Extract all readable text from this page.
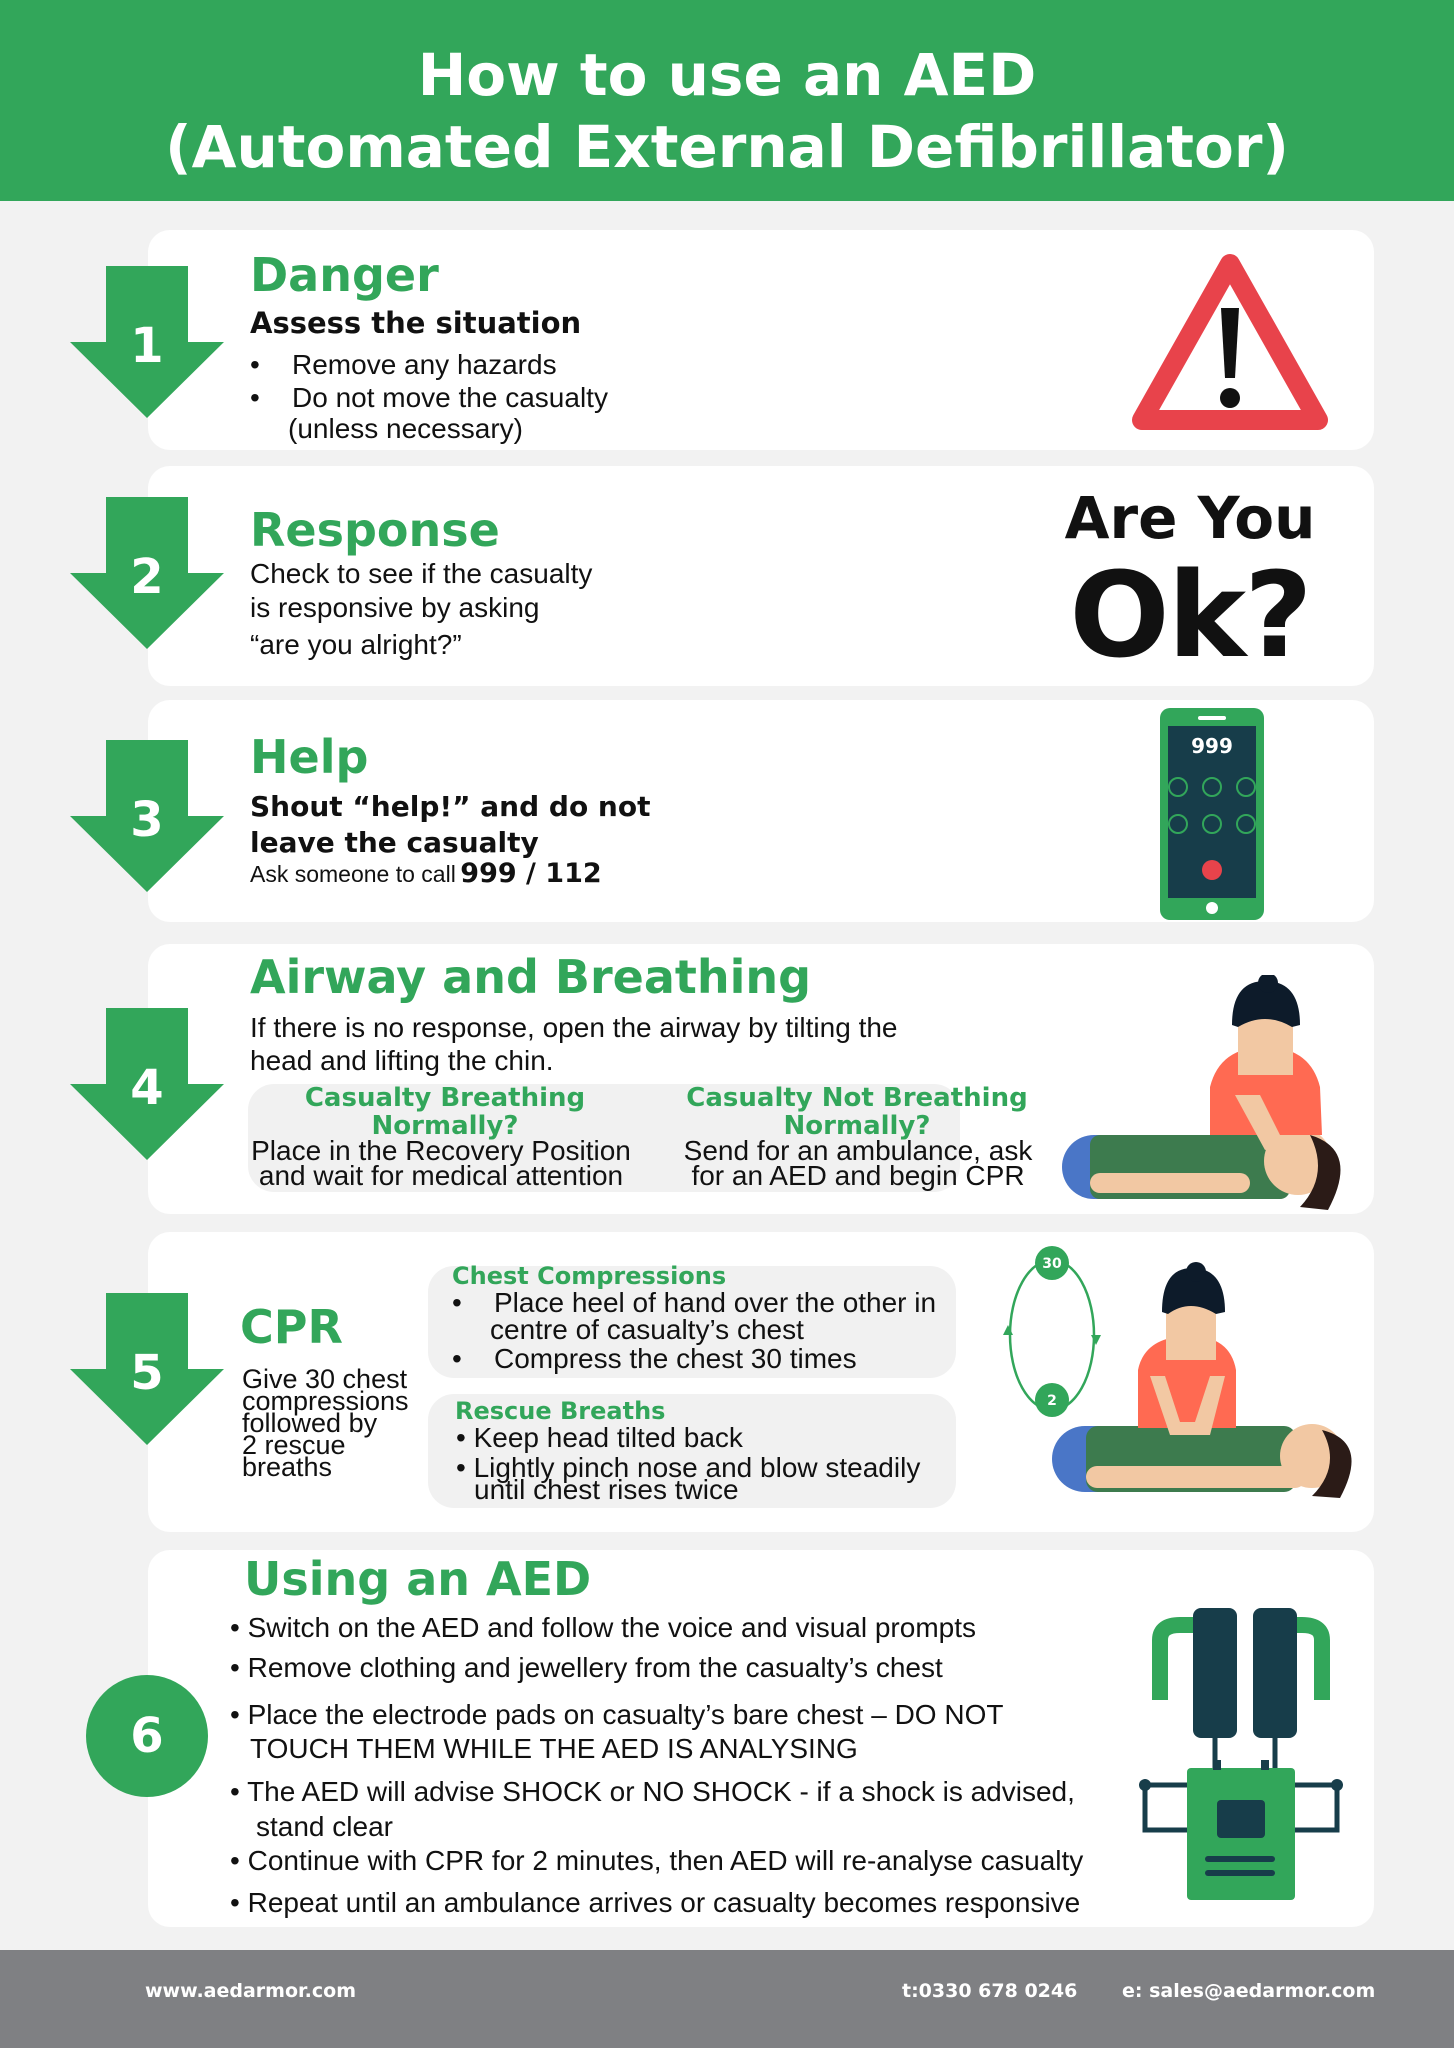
How to use an AED
(Automated External Defibrillator)
1
Danger
Assess the situation
• Remove any hazards
• Do not move the casualty
(unless necessary)
2
Response
Check to see if the casualty
is responsive by asking
“are you alright?”
Are You
Ok?
3
Help
Shout “help!” and do not
leave the casualty
Ask someone to call 999 / 112
999
4
Airway and Breathing
If there is no response, open the airway by tilting the
head and lifting the chin.
Casualty Breathing
Normally?
Place in the Recovery Position
and wait for medical attention
Casualty Not Breathing
Normally?
Send for an ambulance, ask
for an AED and begin CPR
5
CPR
Give 30 chest
compressions
followed by
2 rescue
breaths
Chest Compressions
• Place heel of hand over the other in
• Compress the chest 30 times
centre of casualty’s chest
Rescue Breaths
• Keep head tilted back
• Lightly pinch nose and blow steadily
until chest rises twice
30
2
6
Using an AED
• Switch on the AED and follow the voice and visual prompts
• Remove clothing and jewellery from the casualty’s chest
• Place the electrode pads on casualty’s bare chest – DO NOT
TOUCH THEM WHILE THE AED IS ANALYSING
• The AED will advise SHOCK or NO SHOCK - if a shock is advised,
stand clear
• Continue with CPR for 2 minutes, then AED will re-analyse casualty
• Repeat until an ambulance arrives or casualty becomes responsive
www.aedarmor.com	t:0330 678 0246 e: sales@aedarmor.com
